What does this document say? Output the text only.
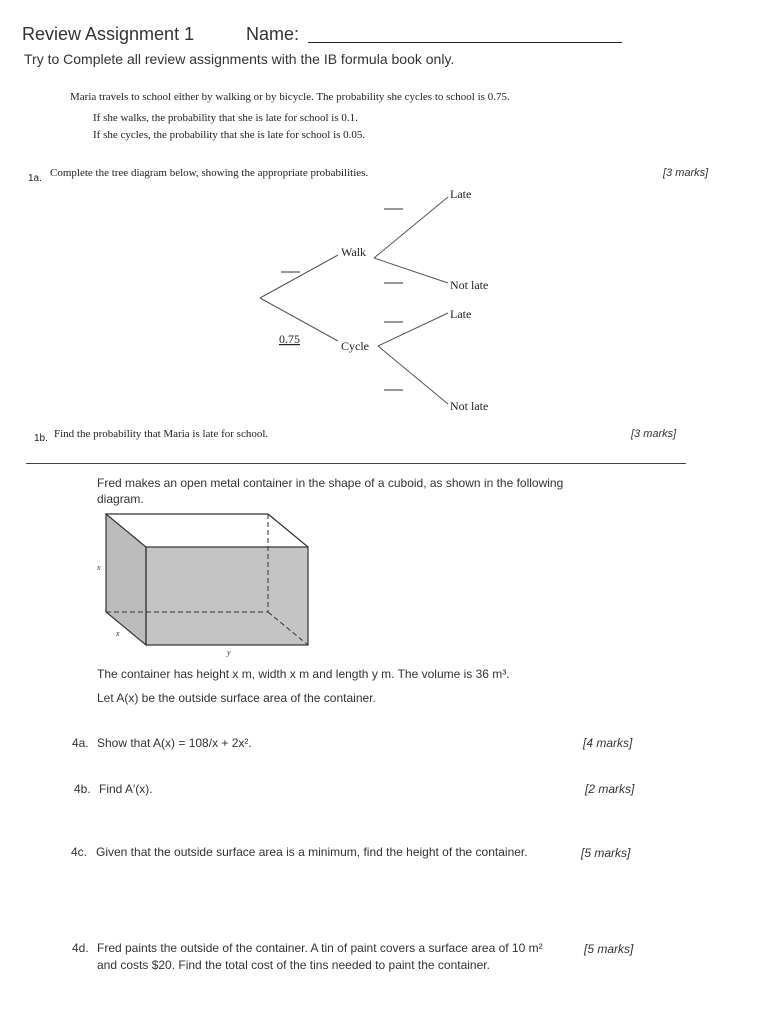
Review Assignment 1	Name:
Try to Complete all review assignments with the IB formula book only.
Maria travels to school either by walking or by bicycle. The probability she cycles to school is 0.75.
If she walks, the probability that she is late for school is 0.1.
If she cycles, the probability that she is late for school is 0.05.
1a. Complete the tree diagram below, showing the appropriate probabilities.	[3 marks]
Walk
Cycle
0.75
Late
Not late
Late
Not late
1b. Find the probability that Maria is late for school.	[3 marks]
Fred makes an open metal container in the shape of a cuboid, as shown in the following
diagram.
x
x
y
The container has height x m, width x m and length y m. The volume is 36 m³.
Let A(x) be the outside surface area of the container.
4a. Show that A(x) = 108/x + 2x².	[4 marks]
4b. Find A′(x).	[2 marks]
4c. Given that the outside surface area is a minimum, find the height of the container.	[5 marks]
4d. Fred paints the outside of the container. A tin of paint covers a surface area of 10 m²	[5 marks]
and costs $20. Find the total cost of the tins needed to paint the container.
